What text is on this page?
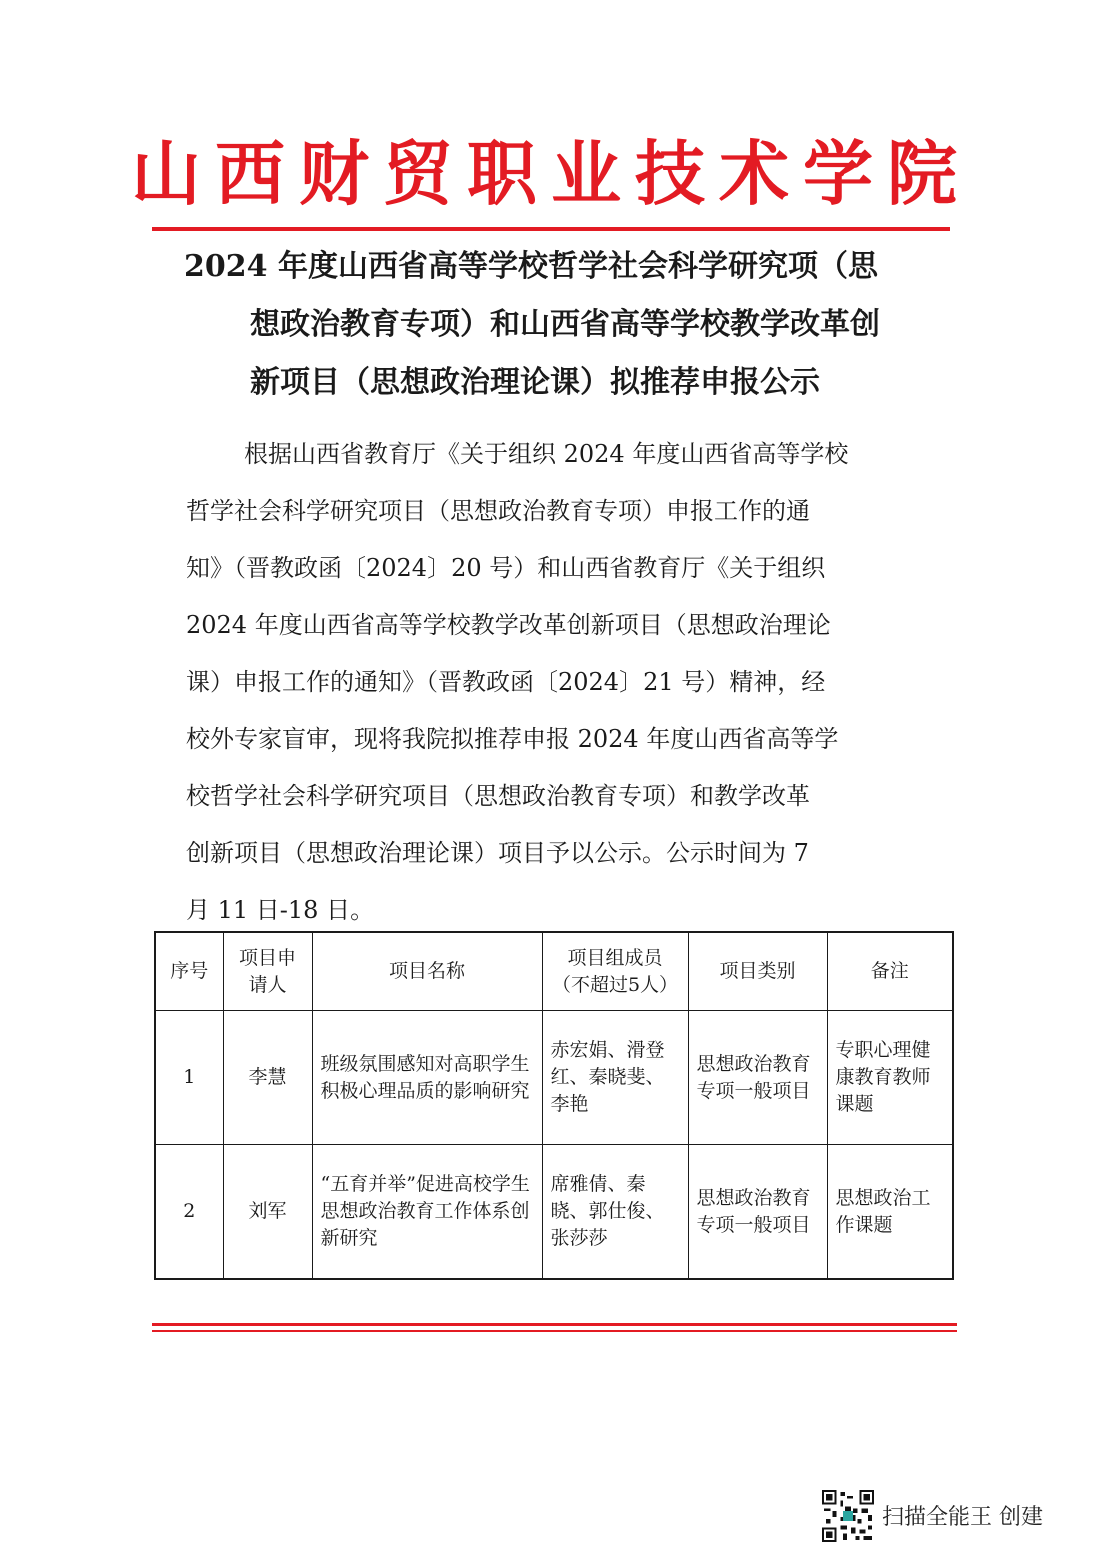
山西财贸职业技术学院
2024 年度山西省高等学校哲学社会科学研究项（思
想政治教育专项）和山西省高等学校教学改革创
新项目（思想政治理论课）拟推荐申报公示

根据山西省教育厅《关于组织 2024 年度山西省高等学校
哲学社会科学研究项目（思想政治教育专项）申报工作的通
知》（晋教政函〔2024〕20 号）和山西省教育厅《关于组织
2024 年度山西省高等学校教学改革创新项目（思想政治理论
课）申报工作的通知》（晋教政函〔2024〕21 号）精神，经
校外专家盲审，现将我院拟推荐申报 2024 年度山西省高等学
校哲学社会科学研究项目（思想政治教育专项）和教学改革
创新项目（思想政治理论课）项目予以公示。公示时间为 7
月 11 日-18 日。

序号	项目申请人	项目名称	项目组成员（不超过5人）	项目类别	备注
1	李慧	班级氛围感知对高职学生积极心理品质的影响研究	赤宏娟、滑登红、秦晓斐、李艳	思想政治教育专项一般项目	专职心理健康教育教师课题
2	刘军	“五育并举”促进高校学生思想政治教育工作体系创新研究	席雅倩、秦晓、郭仕俊、张莎莎	思想政治教育专项一般项目	思想政治工作课题
扫描全能王 创建
